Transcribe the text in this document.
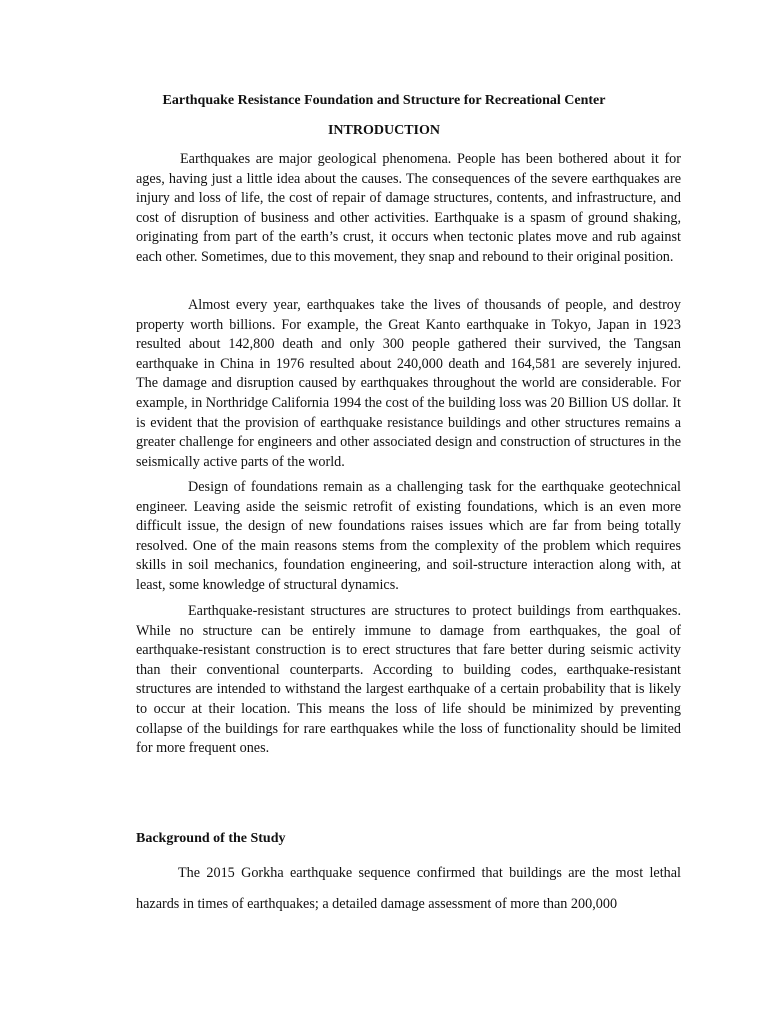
Earthquake Resistance Foundation and Structure for Recreational Center
INTRODUCTION

Earthquakes are major geological phenomena. People has been bothered about it for ages, having just a little idea about the causes. The consequences of the severe earthquakes are injury and loss of life, the cost of repair of damage structures, contents, and infrastructure, and cost of disruption of business and other activities. Earthquake is a spasm of ground shaking, originating from part of the earth’s crust, it occurs when tectonic plates move and rub against each other. Sometimes, due to this movement, they snap and rebound to their original position.

Almost every year, earthquakes take the lives of thousands of people, and destroy property worth billions. For example, the Great Kanto earthquake in Tokyo, Japan in 1923 resulted about 142,800 death and only 300 people gathered their survived, the Tangsan earthquake in China in 1976 resulted about 240,000 death and 164,581 are severely injured. The damage and disruption caused by earthquakes throughout the world are considerable. For example, in Northridge California 1994 the cost of the building loss was 20 Billion US dollar. It is evident that the provision of earthquake resistance buildings and other structures remains a greater challenge for engineers and other associated design and construction of structures in the seismically active parts of the world.

Design of foundations remain as a challenging task for the earthquake geotechnical engineer. Leaving aside the seismic retrofit of existing foundations, which is an even more difficult issue, the design of new foundations raises issues which are far from being totally resolved. One of the main reasons stems from the complexity of the problem which requires skills in soil mechanics, foundation engineering, and soil-structure interaction along with, at least, some knowledge of structural dynamics.

Earthquake-resistant structures are structures to protect buildings from earthquakes. While no structure can be entirely immune to damage from earthquakes, the goal of earthquake-resistant construction is to erect structures that fare better during seismic activity than their conventional counterparts. According to building codes, earthquake-resistant structures are intended to withstand the largest earthquake of a certain probability that is likely to occur at their location. This means the loss of life should be minimized by preventing collapse of the buildings for rare earthquakes while the loss of functionality should be limited for more frequent ones.

Background of the Study

The 2015 Gorkha earthquake sequence confirmed that buildings are the most lethal hazards in times of earthquakes; a detailed damage assessment of more than 200,000
